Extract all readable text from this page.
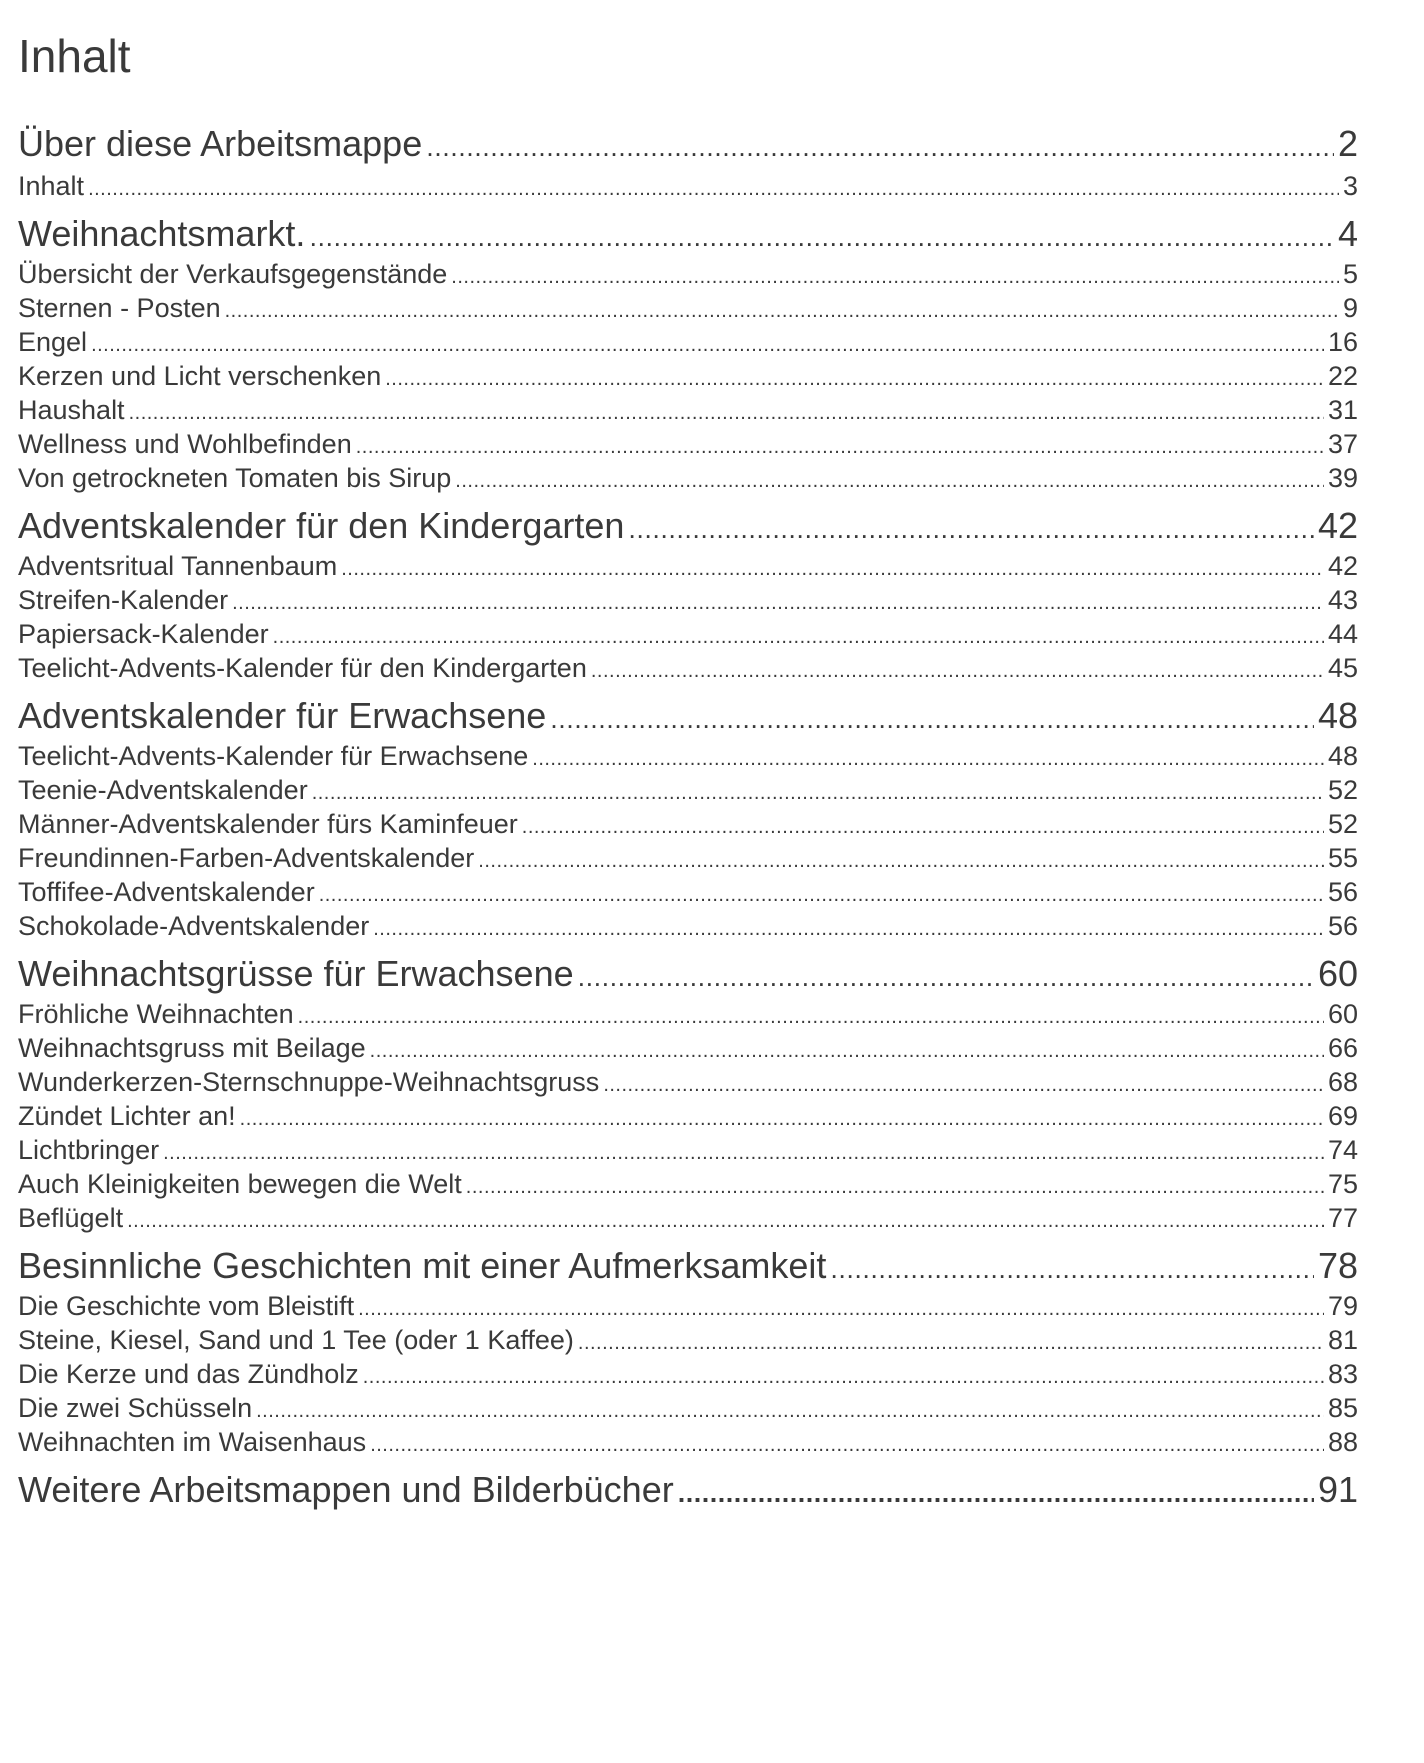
Inhalt
Über diese Arbeitsmappe .....	2
Inhalt .....	3
Weihnachtsmarkt. .....	4
Übersicht der Verkaufsgegenstände .....	5
Sternen - Posten .....	9
Engel .....	16
Kerzen und Licht verschenken .....	22
Haushalt .....	31
Wellness und Wohlbefinden .....	37
Von getrockneten Tomaten bis Sirup .....	39
Adventskalender für den Kindergarten .....	42
Adventsritual Tannenbaum .....	42
Streifen-Kalender .....	43
Papiersack-Kalender .....	44
Teelicht-Advents-Kalender für den Kindergarten .....	45
Adventskalender für Erwachsene .....	48
Teelicht-Advents-Kalender für Erwachsene .....	48
Teenie-Adventskalender .....	52
Männer-Adventskalender fürs Kaminfeuer .....	52
Freundinnen-Farben-Adventskalender .....	55
Toffifee-Adventskalender .....	56
Schokolade-Adventskalender .....	56
Weihnachtsgrüsse für Erwachsene .....	60
Fröhliche Weihnachten .....	60
Weihnachtsgruss mit Beilage .....	66
Wunderkerzen-Sternschnuppe-Weihnachtsgruss .....	68
Zündet Lichter an! .....	69
Lichtbringer .....	74
Auch Kleinigkeiten bewegen die Welt .....	75
Beflügelt .....	77
Besinnliche Geschichten mit einer Aufmerksamkeit .....	78
Die Geschichte vom Bleistift .....	79
Steine, Kiesel, Sand und 1 Tee (oder 1 Kaffee) .....	81
Die Kerze und das Zündholz .....	83
Die zwei Schüsseln .....	85
Weihnachten im Waisenhaus .....	88
Weitere Arbeitsmappen und Bilderbücher .....	91
